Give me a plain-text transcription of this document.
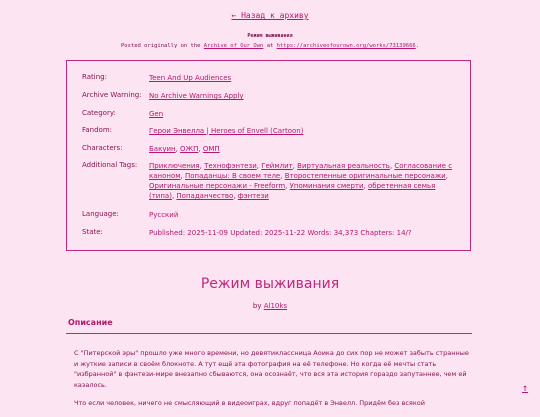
← Назад к архиву
Режим выживания
Posted originally on the Archive of Our Own at https://archiveofourown.org/works/73139666.
Rating:	Teen And Up Audiences
Archive Warning:	No Archive Warnings Apply
Category:	Gen
Fandom:	Герои Энвелла | Heroes of Envell (Cartoon)
Characters:	Бакуин, ОЖП, ОМП
Additional Tags:	Приключения, Технофэнтези, Геймлит, Виртуальная реальность, Согласование с каноном, Попаданцы: В своем теле, Второстепенные оригинальные персонажи, Оригинальные персонажи - Freeform, Упоминания смерти, обретенная семья (типа), Попаданчество, фэнтези
Language:	Русский
State:	Published: 2025-11-09 Updated: 2025-11-22 Words: 34,373 Chapters: 14/?
Режим выживания
by Al10ks
Описание

С "Питерской эры" прошло уже много времени, но девятиклассница Аоика до сих пор не может забыть странные и жуткие записи в своём блокноте. А тут ещё эта фотография на её телефоне. Но когда её мечты стать "избранной" в фэнтези-мире внезапно сбываются, она осознаёт, что вся эта история гораздо запутаннее, чем ей казалось.

Что если человек, ничего не смысляющий в видеоиграх, вдруг попадёт в Энвелл. Придём без всякой

↑
